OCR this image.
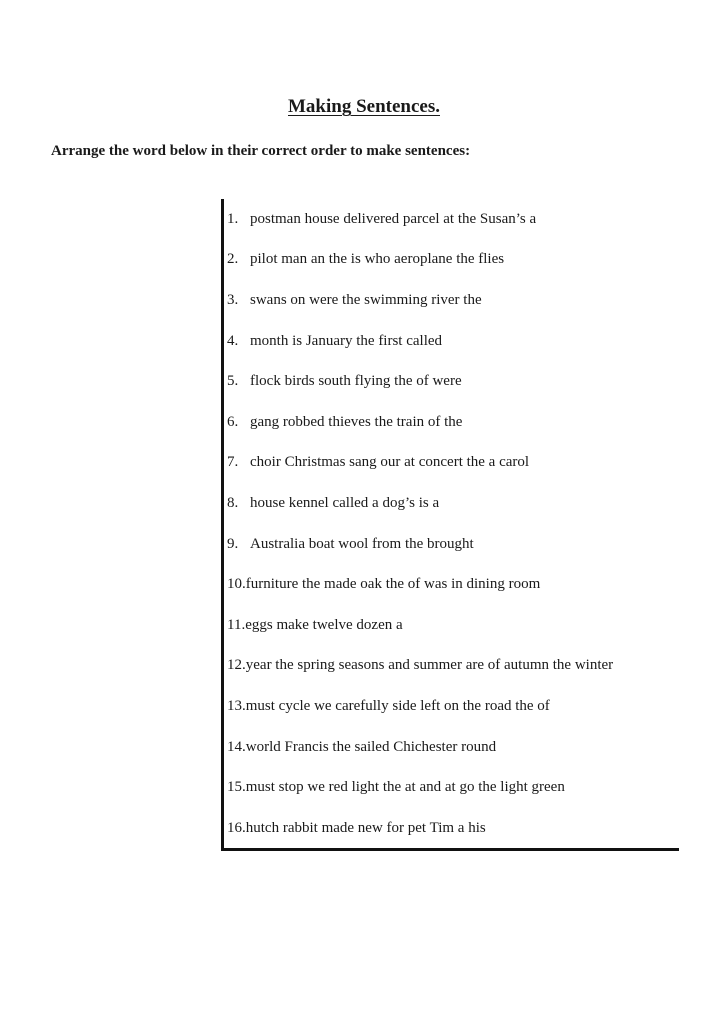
Making Sentences.
Arrange the word below in their correct order to make sentences:
1. postman house delivered parcel at the Susan’s a
2. pilot man an the is who aeroplane the flies
3. swans on were the swimming river the
4. month is January the first called
5. flock birds south flying the of were
6. gang robbed thieves the train of the
7. choir Christmas sang our at concert the a carol
8. house kennel called a dog’s is a
9. Australia boat wool from the brought
10. furniture the made oak the of was in dining room
11. eggs make twelve dozen a
12. year the spring seasons and summer are of autumn the winter
13. must cycle we carefully side left on the road the of
14. world Francis the sailed Chichester round
15. must stop we red light the at and at go the light green
16. hutch rabbit made new for pet Tim a his
